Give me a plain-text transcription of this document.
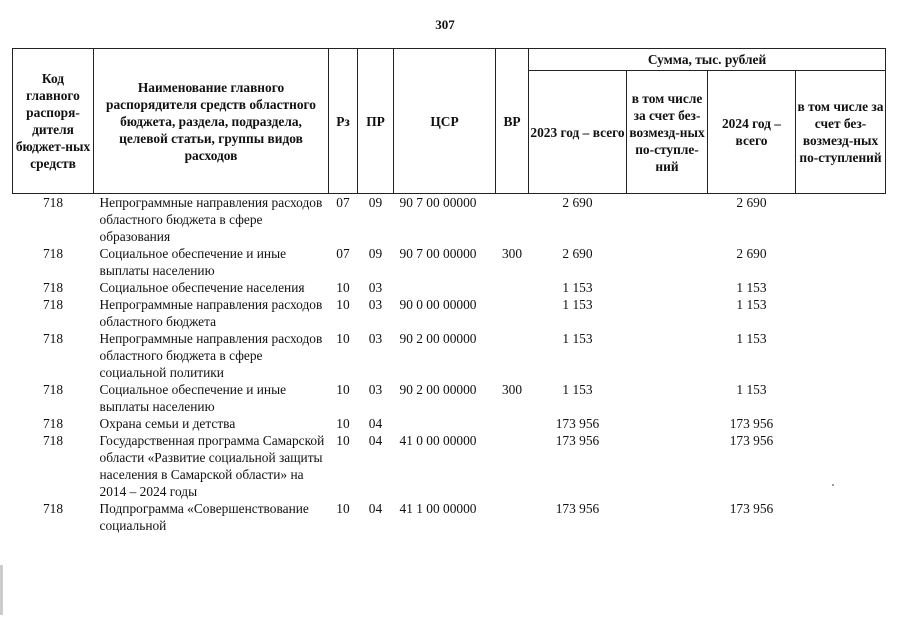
307
Код главного распоря-дителя бюджет-ных средств	Наименование главного распорядителя средств областного бюджета, раздела, подраздела, целевой статьи, группы видов расходов	Рз	ПР	ЦСР	ВР	Сумма, тыс. рублей			
						2023 год – всего	в том числе за счет без-возмезд-ных по-ступле-ний	2024 год – всего	в том числе за счет без-возмезд-ных по-ступлений
718	Непрограммные направления расходов областного бюджета в сфере образования	07	09	90 7 00 00000		2 690		2 690	
718	Социальное обеспечение и иные выплаты населению	07	09	90 7 00 00000	300	2 690		2 690	
718	Социальное обеспечение населения	10	03			1 153		1 153	
718	Непрограммные направления расходов областного бюджета	10	03	90 0 00 00000		1 153		1 153	
718	Непрограммные направления расходов областного бюджета в сфере социальной политики	10	03	90 2 00 00000		1 153		1 153	
718	Социальное обеспечение и иные выплаты населению	10	03	90 2 00 00000	300	1 153		1 153	
718	Охрана семьи и детства	10	04			173 956		173 956	
718	Государственная программа Самарской области «Развитие социальной защиты населения в Самарской области» на 2014 – 2024 годы	10	04	41 0 00 00000		173 956		173 956	
718	Подпрограмма «Совершенствование социальной	10	04	41 1 00 00000		173 956		173 956	
